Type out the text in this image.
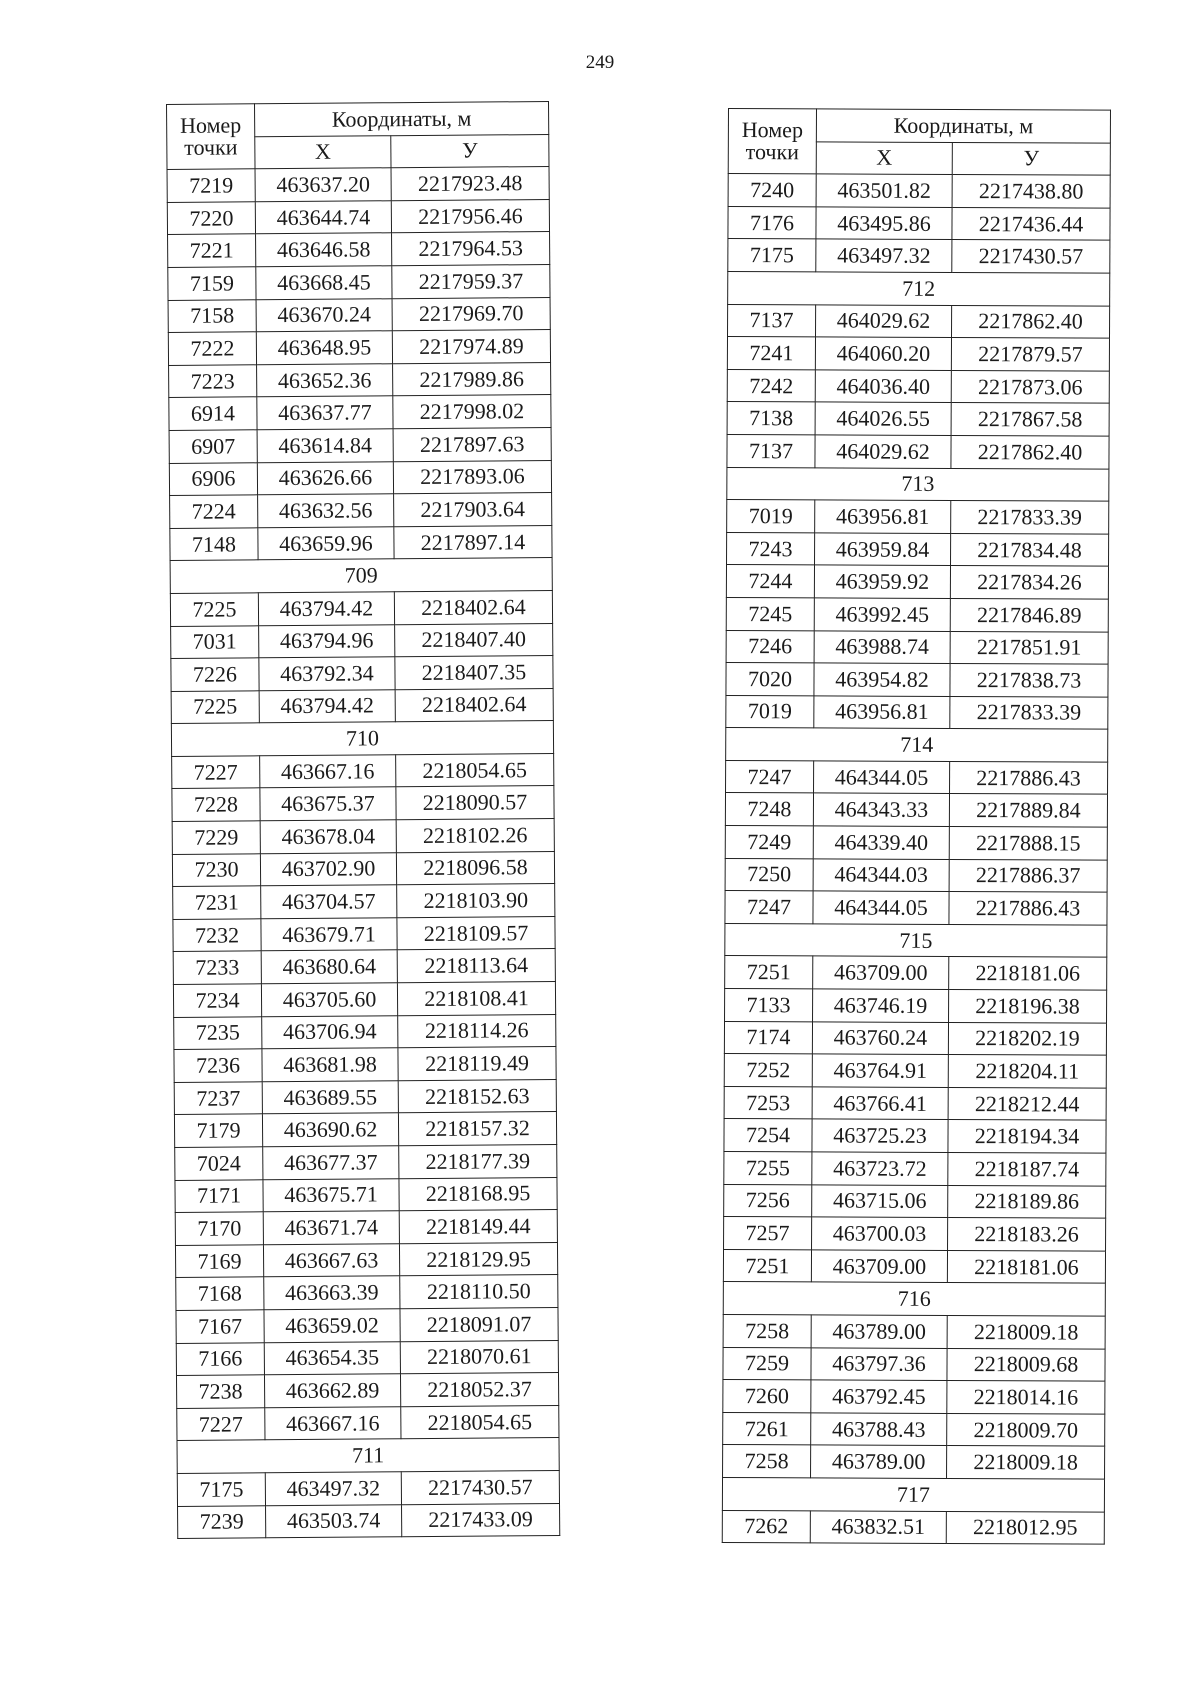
249
Номер
точки	Координаты, м	
	X	У
7219	463637.20	2217923.48
7220	463644.74	2217956.46
7221	463646.58	2217964.53
7159	463668.45	2217959.37
7158	463670.24	2217969.70
7222	463648.95	2217974.89
7223	463652.36	2217989.86
6914	463637.77	2217998.02
6907	463614.84	2217897.63
6906	463626.66	2217893.06
7224	463632.56	2217903.64
7148	463659.96	2217897.14
709		
7225	463794.42	2218402.64
7031	463794.96	2218407.40
7226	463792.34	2218407.35
7225	463794.42	2218402.64
710		
7227	463667.16	2218054.65
7228	463675.37	2218090.57
7229	463678.04	2218102.26
7230	463702.90	2218096.58
7231	463704.57	2218103.90
7232	463679.71	2218109.57
7233	463680.64	2218113.64
7234	463705.60	2218108.41
7235	463706.94	2218114.26
7236	463681.98	2218119.49
7237	463689.55	2218152.63
7179	463690.62	2218157.32
7024	463677.37	2218177.39
7171	463675.71	2218168.95
7170	463671.74	2218149.44
7169	463667.63	2218129.95
7168	463663.39	2218110.50
7167	463659.02	2218091.07
7166	463654.35	2218070.61
7238	463662.89	2218052.37
7227	463667.16	2218054.65
711		
7175	463497.32	2217430.57
7239	463503.74	2217433.09
Номер
точки	Координаты, м	
	X	У
7240	463501.82	2217438.80
7176	463495.86	2217436.44
7175	463497.32	2217430.57
712		
7137	464029.62	2217862.40
7241	464060.20	2217879.57
7242	464036.40	2217873.06
7138	464026.55	2217867.58
7137	464029.62	2217862.40
713		
7019	463956.81	2217833.39
7243	463959.84	2217834.48
7244	463959.92	2217834.26
7245	463992.45	2217846.89
7246	463988.74	2217851.91
7020	463954.82	2217838.73
7019	463956.81	2217833.39
714		
7247	464344.05	2217886.43
7248	464343.33	2217889.84
7249	464339.40	2217888.15
7250	464344.03	2217886.37
7247	464344.05	2217886.43
715		
7251	463709.00	2218181.06
7133	463746.19	2218196.38
7174	463760.24	2218202.19
7252	463764.91	2218204.11
7253	463766.41	2218212.44
7254	463725.23	2218194.34
7255	463723.72	2218187.74
7256	463715.06	2218189.86
7257	463700.03	2218183.26
7251	463709.00	2218181.06
716		
7258	463789.00	2218009.18
7259	463797.36	2218009.68
7260	463792.45	2218014.16
7261	463788.43	2218009.70
7258	463789.00	2218009.18
717		
7262	463832.51	2218012.95
